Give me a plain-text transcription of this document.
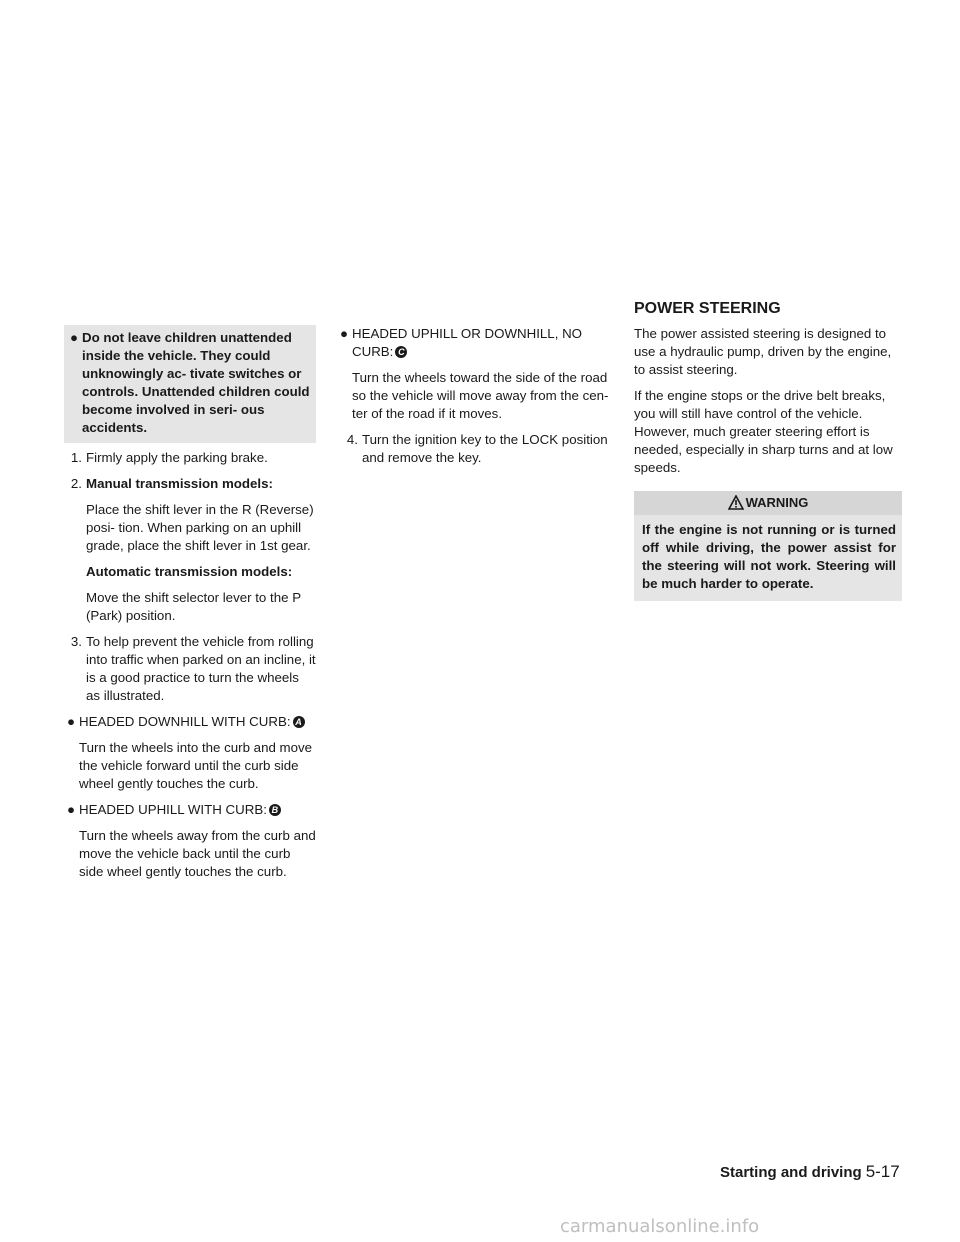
POWER STEERING
● Do not leave children unattended inside the vehicle. They could unknowingly ac- tivate switches or controls. Unattended children could become involved in seri- ous accidents.
1. Firmly apply the parking brake.
2. Manual transmission models:
Place the shift lever in the R (Reverse) posi- tion. When parking on an uphill grade, place the shift lever in 1st gear.
Automatic transmission models:
Move the shift selector lever to the P (Park) position.
3. To help prevent the vehicle from rolling into traffic when parked on an incline, it is a good practice to turn the wheels as illustrated.
● HEADED DOWNHILL WITH CURB: A
Turn the wheels into the curb and move the vehicle forward until the curb side wheel gently touches the curb.
● HEADED UPHILL WITH CURB: B
Turn the wheels away from the curb and move the vehicle back until the curb side wheel gently touches the curb.
● HEADED UPHILL OR DOWNHILL, NO CURB: C
Turn the wheels toward the side of the road so the vehicle will move away from the cen- ter of the road if it moves.
4. Turn the ignition key to the LOCK position and remove the key.
The power assisted steering is designed to use a hydraulic pump, driven by the engine, to assist steering.
If the engine stops or the drive belt breaks, you will still have control of the vehicle. However, much greater steering effort is needed, especially in sharp turns and at low speeds.
WARNING
If the engine is not running or is turned off while driving, the power assist for the steering will not work. Steering will be much harder to operate.
Starting and driving 5-17
carmanualsonline.info
